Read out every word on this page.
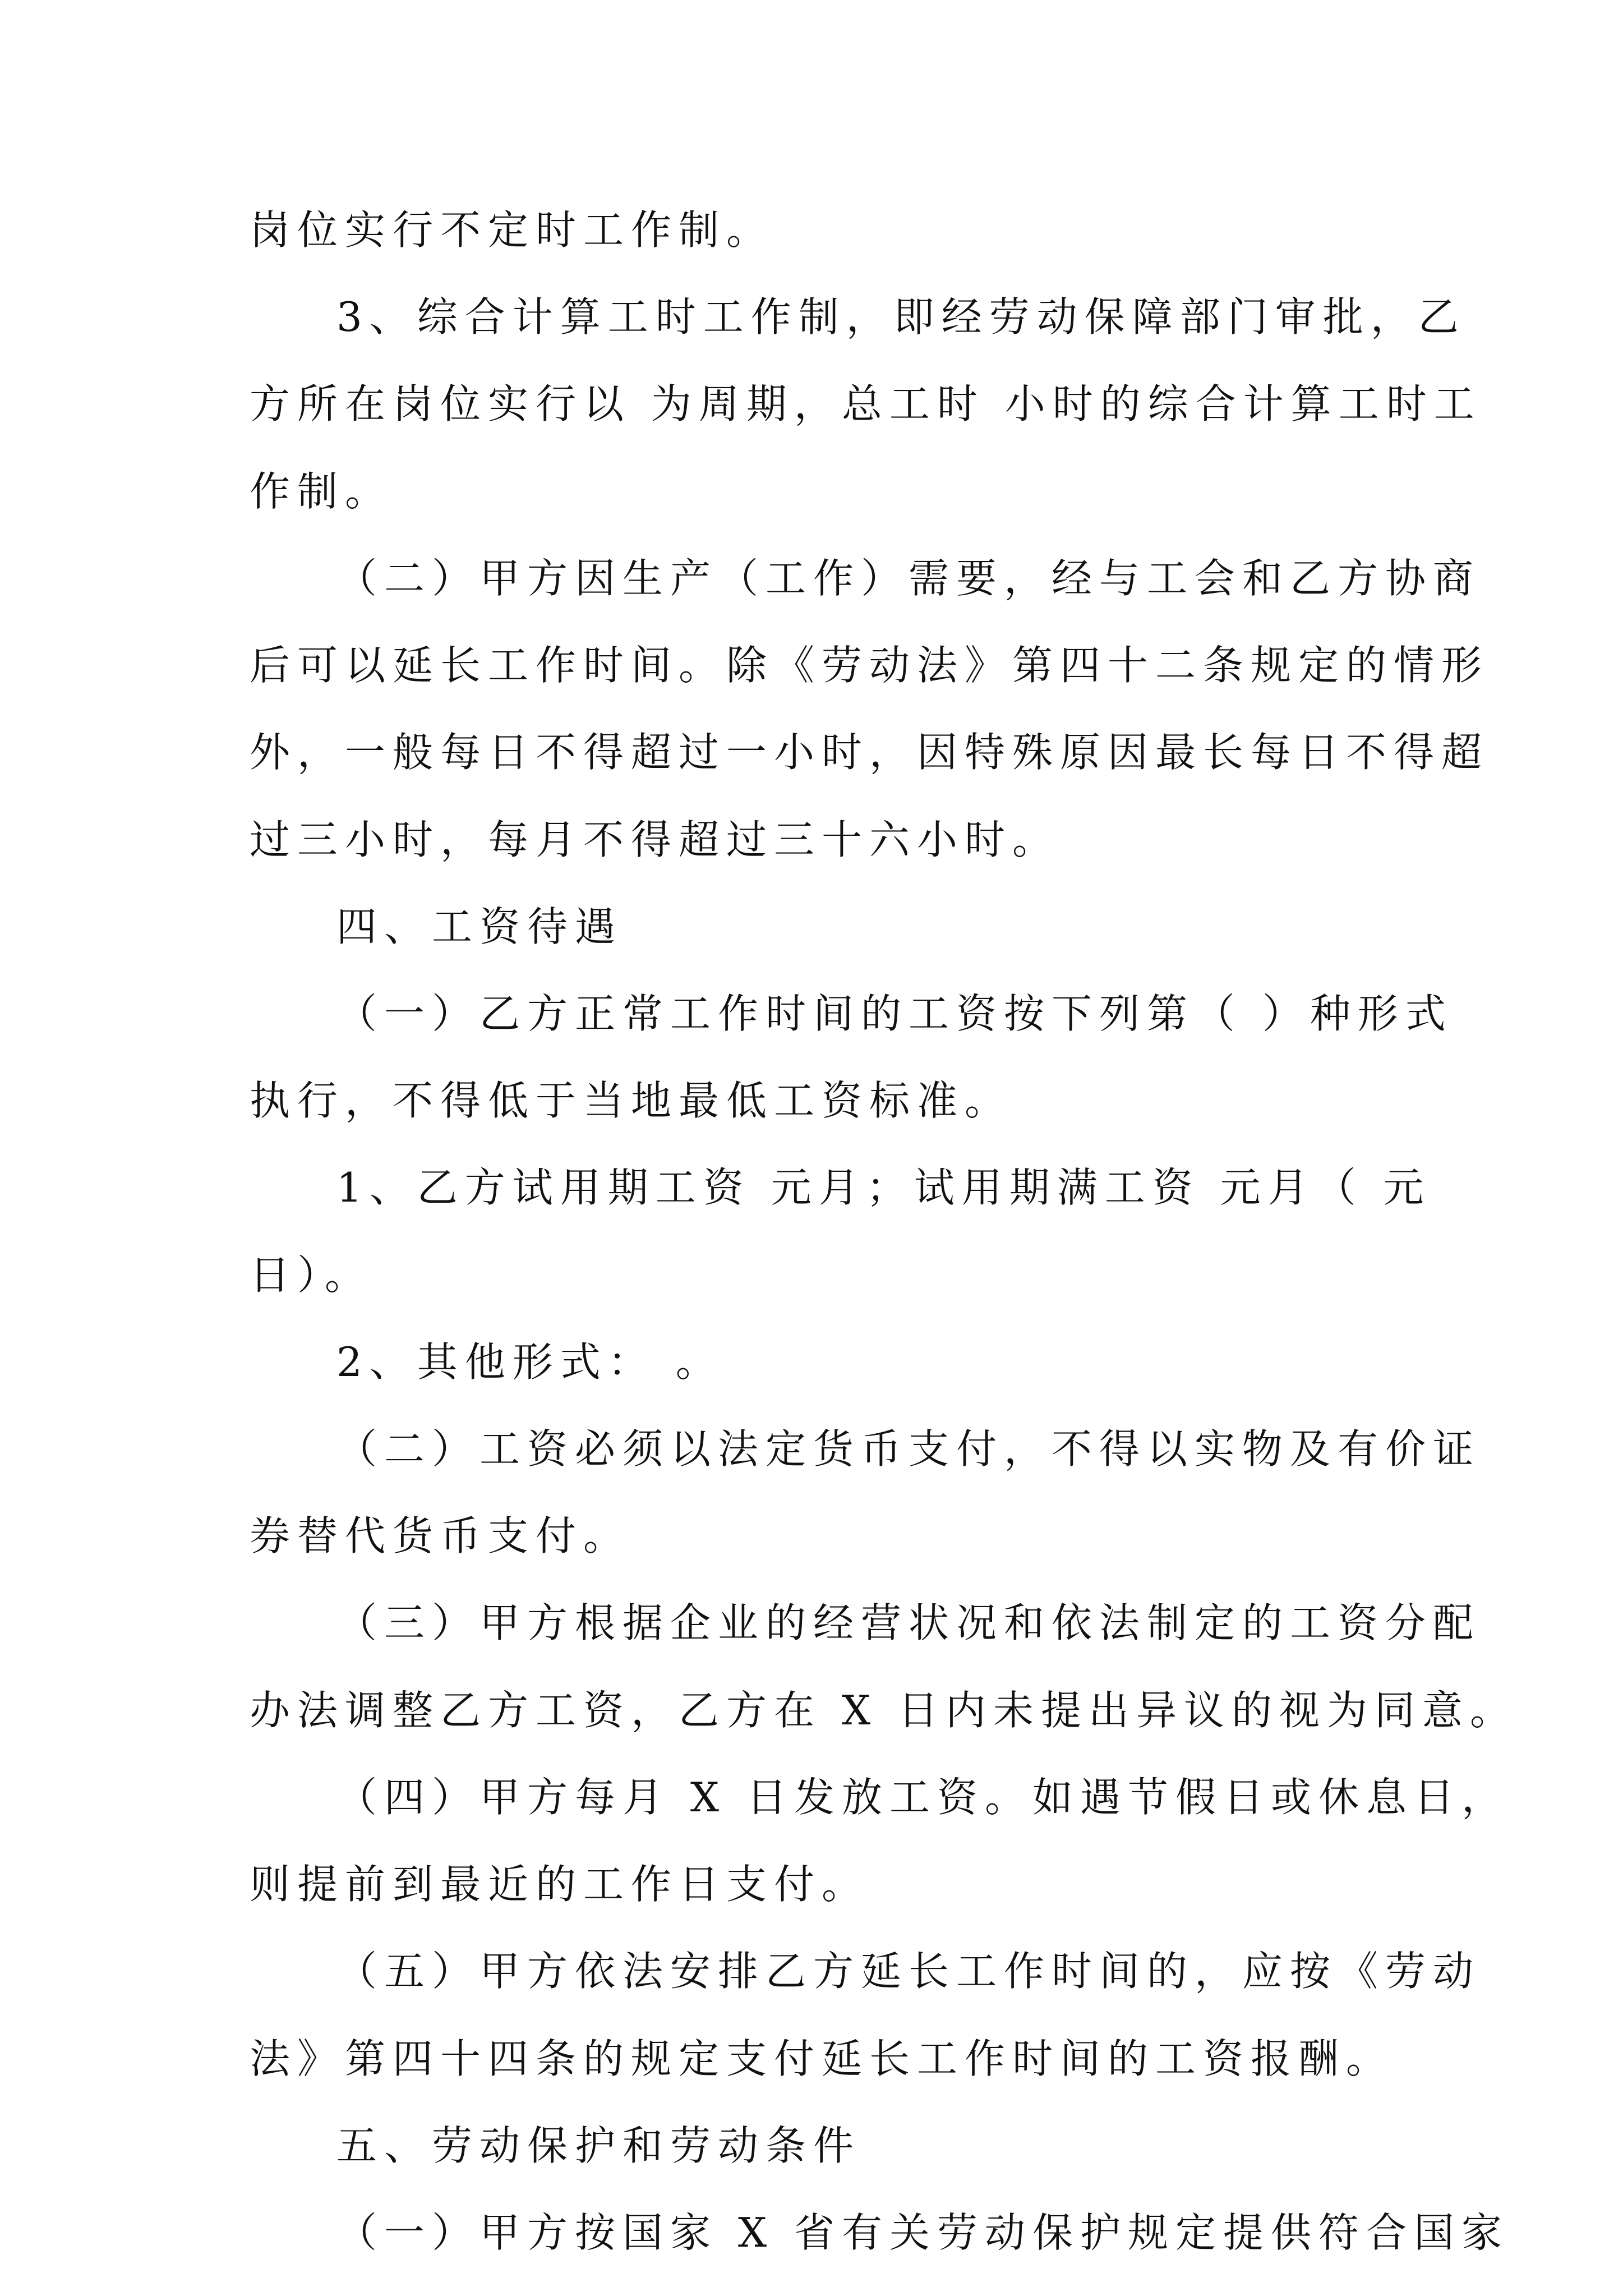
岗位实行不定时工作制。
3、综合计算工时工作制，即经劳动保障部门审批，乙
方所在岗位实行以 为周期，总工时 小时的综合计算工时工
作制。
（二）甲方因生产（工作）需要，经与工会和乙方协商
后可以延长工作时间。除《劳动法》第四十二条规定的情形
外，一般每日不得超过一小时，因特殊原因最长每日不得超
过三小时，每月不得超过三十六小时。
四、工资待遇
（一）乙方正常工作时间的工资按下列第（ ）种形式
执行，不得低于当地最低工资标准。
1、乙方试用期工资 元月；试用期满工资 元月（ 元
日）。
2、其他形式： 。
（二）工资必须以法定货币支付，不得以实物及有价证
券替代货币支付。
（三）甲方根据企业的经营状况和依法制定的工资分配
办法调整乙方工资，乙方在 X 日内未提出异议的视为同意。
（四）甲方每月 X 日发放工资。如遇节假日或休息日，
则提前到最近的工作日支付。
（五）甲方依法安排乙方延长工作时间的，应按《劳动
法》第四十四条的规定支付延长工作时间的工资报酬。
五、劳动保护和劳动条件
（一）甲方按国家 X 省有关劳动保护规定提供符合国家
